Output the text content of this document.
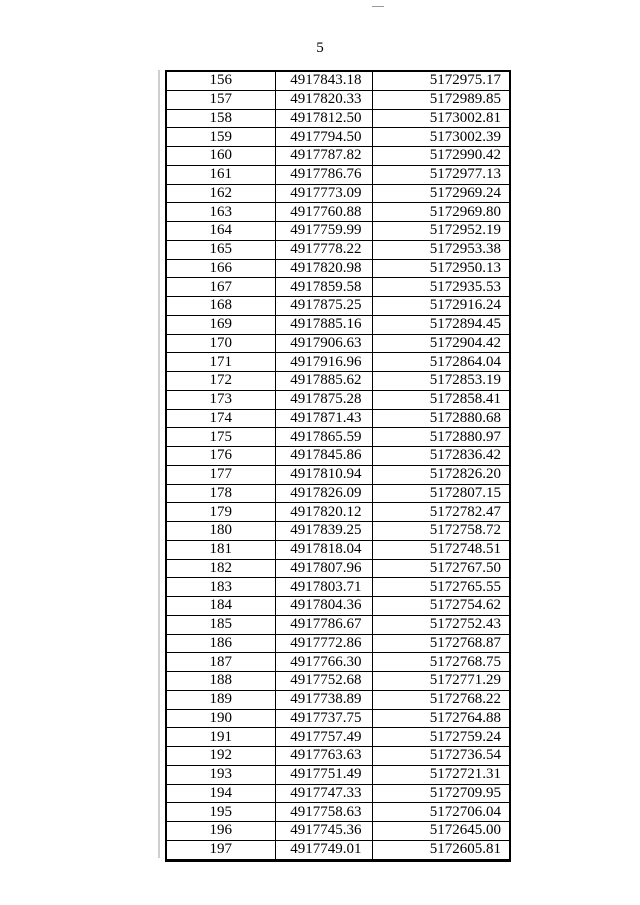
5
156	4917843.18	5172975.17
157	4917820.33	5172989.85
158	4917812.50	5173002.81
159	4917794.50	5173002.39
160	4917787.82	5172990.42
161	4917786.76	5172977.13
162	4917773.09	5172969.24
163	4917760.88	5172969.80
164	4917759.99	5172952.19
165	4917778.22	5172953.38
166	4917820.98	5172950.13
167	4917859.58	5172935.53
168	4917875.25	5172916.24
169	4917885.16	5172894.45
170	4917906.63	5172904.42
171	4917916.96	5172864.04
172	4917885.62	5172853.19
173	4917875.28	5172858.41
174	4917871.43	5172880.68
175	4917865.59	5172880.97
176	4917845.86	5172836.42
177	4917810.94	5172826.20
178	4917826.09	5172807.15
179	4917820.12	5172782.47
180	4917839.25	5172758.72
181	4917818.04	5172748.51
182	4917807.96	5172767.50
183	4917803.71	5172765.55
184	4917804.36	5172754.62
185	4917786.67	5172752.43
186	4917772.86	5172768.87
187	4917766.30	5172768.75
188	4917752.68	5172771.29
189	4917738.89	5172768.22
190	4917737.75	5172764.88
191	4917757.49	5172759.24
192	4917763.63	5172736.54
193	4917751.49	5172721.31
194	4917747.33	5172709.95
195	4917758.63	5172706.04
196	4917745.36	5172645.00
197	4917749.01	5172605.81
